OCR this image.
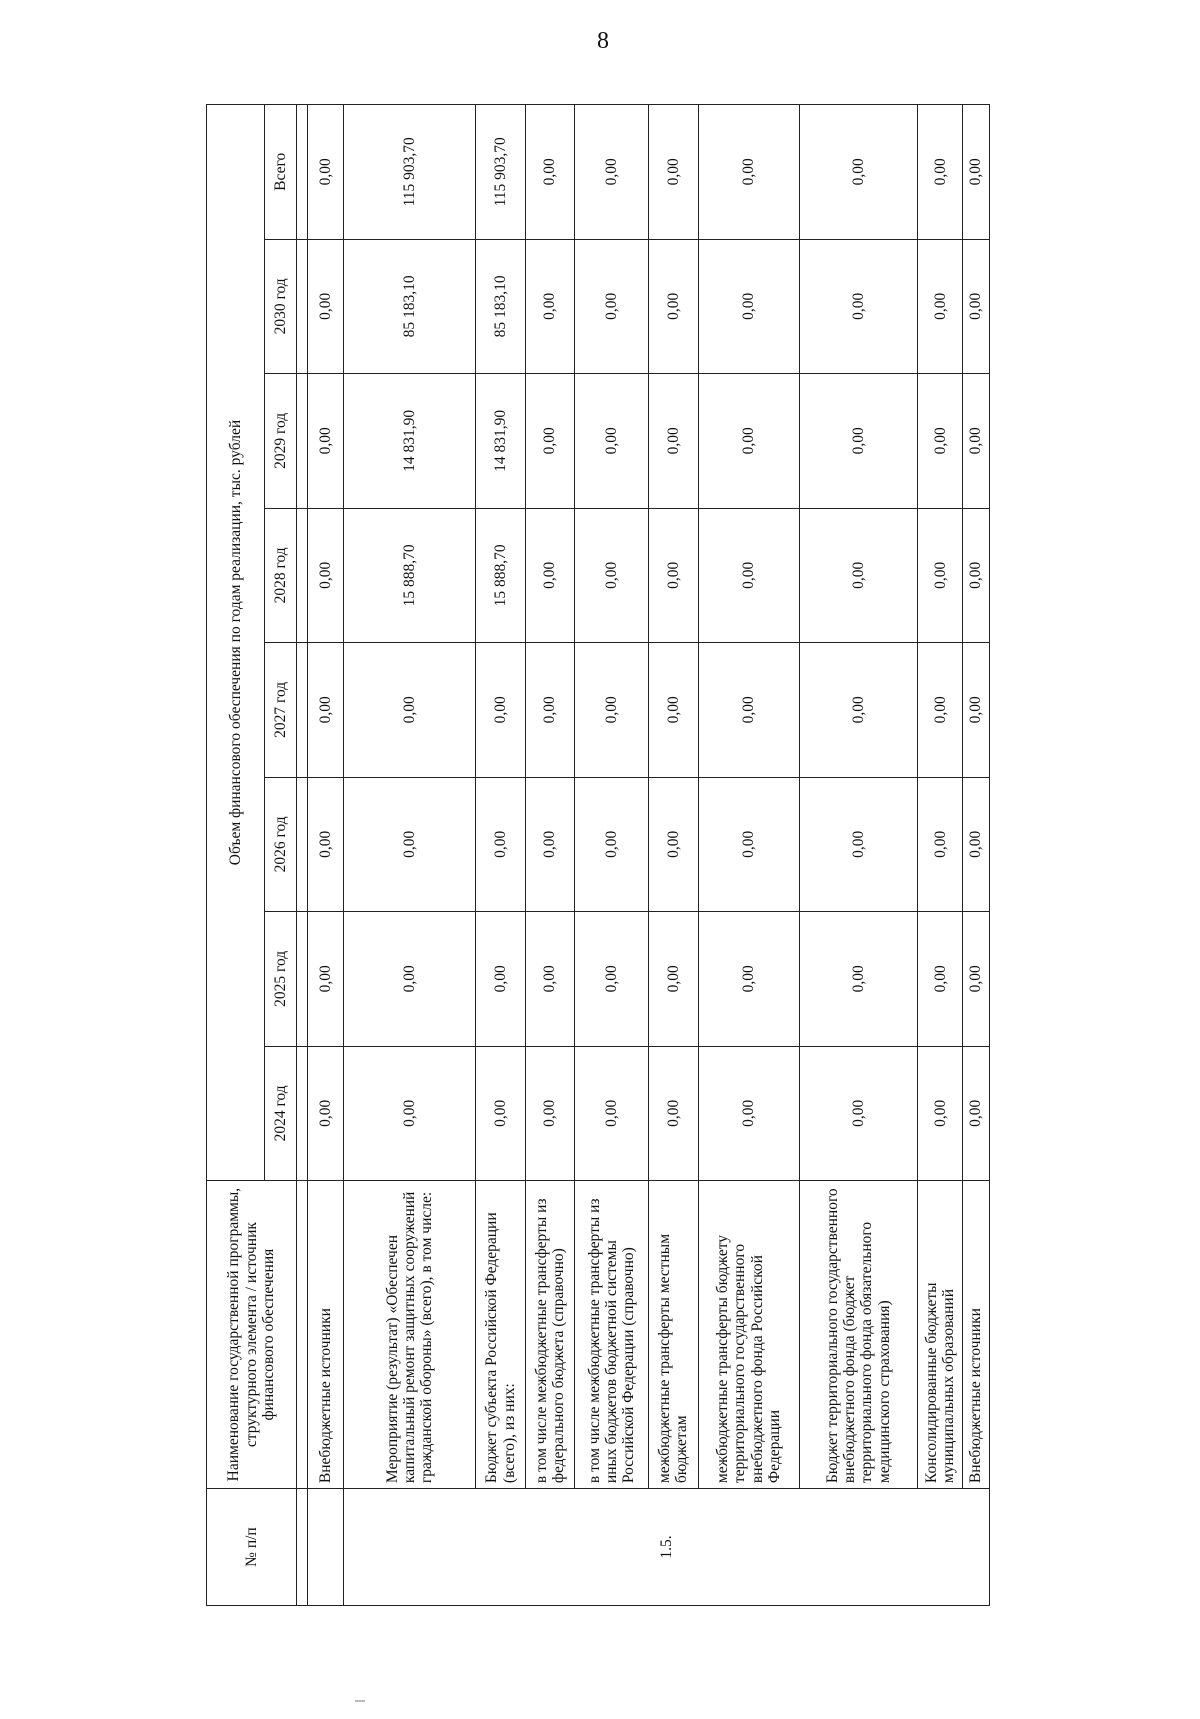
8
№ п/п	Наименование государственной программы, структурного элемента / источник финансового обеспечения	Объем финансового обеспечения по годам реализации, тыс. рублей							
		2024 год	2025 год	2026 год	2027 год	2028 год	2029 год	2030 год	Всего

	Внебюджетные источники	0,00	0,00	0,00	0,00	0,00	0,00	0,00	0,00
1.5.	Мероприятие (результат) «Обеспечен капитальный ремонт защитных сооружений гражданской обороны» (всего), в том числе:	0,00	0,00	0,00	0,00	15 888,70	14 831,90	85 183,10	115 903,70
	Бюджет субъекта Российской Федерации (всего), из них:	0,00	0,00	0,00	0,00	15 888,70	14 831,90	85 183,10	115 903,70
	в том числе межбюджетные трансферты из федерального бюджета (справочно)	0,00	0,00	0,00	0,00	0,00	0,00	0,00	0,00
	в том числе межбюджетные трансферты из иных бюджетов бюджетной системы Российской Федерации (справочно)	0,00	0,00	0,00	0,00	0,00	0,00	0,00	0,00
	межбюджетные трансферты местным бюджетам	0,00	0,00	0,00	0,00	0,00	0,00	0,00	0,00
	межбюджетные трансферты бюджету территориального государственного внебюджетного фонда Российской Федерации	0,00	0,00	0,00	0,00	0,00	0,00	0,00	0,00
	Бюджет территориального государственного внебюджетного фонда (бюджет территориального фонда обязательного медицинского страхования)	0,00	0,00	0,00	0,00	0,00	0,00	0,00	0,00
	Консолидированные бюджеты муниципальных образований	0,00	0,00	0,00	0,00	0,00	0,00	0,00	0,00
	Внебюджетные источники	0,00	0,00	0,00	0,00	0,00	0,00	0,00	0,00
